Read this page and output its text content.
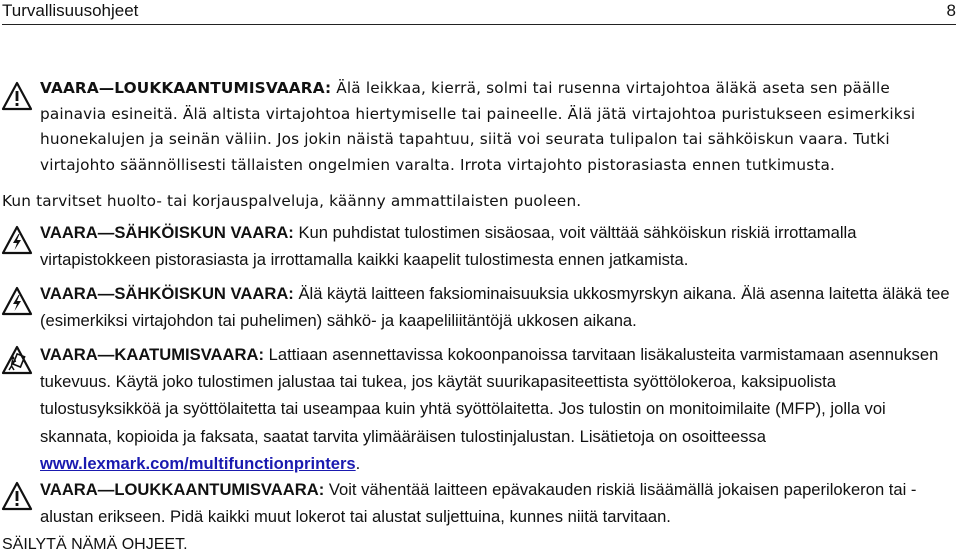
Turvallisuusohjeet	8

VAARA—LOUKKAANTUMISVAARA: Älä leikkaa, kierrä, solmi tai rusenna virtajohtoa äläkä aseta sen päälle painavia esineitä. Älä altista virtajohtoa hiertymiselle tai paineelle. Älä jätä virtajohtoa puristukseen esimerkiksi huonekalujen ja seinän väliin. Jos jokin näistä tapahtuu, siitä voi seurata tulipalon tai sähköiskun vaara. Tutki virtajohto säännöllisesti tällaisten ongelmien varalta. Irrota virtajohto pistorasiasta ennen tutkimusta.

Kun tarvitset huolto- tai korjauspalveluja, käänny ammattilaisten puoleen.

VAARA—SÄHKÖISKUN VAARA: Kun puhdistat tulostimen sisäosaa, voit välttää sähköiskun riskiä irrottamalla virtapistokkeen pistorasiasta ja irrottamalla kaikki kaapelit tulostimesta ennen jatkamista.

VAARA—SÄHKÖISKUN VAARA: Älä käytä laitteen faksiominaisuuksia ukkosmyrskyn aikana. Älä asenna laitetta äläkä tee (esimerkiksi virtajohdon tai puhelimen) sähkö- ja kaapeliliitäntöjä ukkosen aikana.

VAARA—KAATUMISVAARA: Lattiaan asennettavissa kokoonpanoissa tarvitaan lisäkalusteita varmistamaan asennuksen tukevuus. Käytä joko tulostimen jalustaa tai tukea, jos käytät suurikapasiteettista syöttölokeroa, kaksipuolista tulostusyksikköä ja syöttölaitetta tai useampaa kuin yhtä syöttölaitetta. Jos tulostin on monitoimilaite (MFP), jolla voi skannata, kopioida ja faksata, saatat tarvita ylimääräisen tulostinjalustan. Lisätietoja on osoitteessa www.lexmark.com/multifunctionprinters.

VAARA—LOUKKAANTUMISVAARA: Voit vähentää laitteen epävakauden riskiä lisäämällä jokaisen paperilokeron tai -alustan erikseen. Pidä kaikki muut lokerot tai alustat suljettuina, kunnes niitä tarvitaan.

SÄILYTÄ NÄMÄ OHJEET.
